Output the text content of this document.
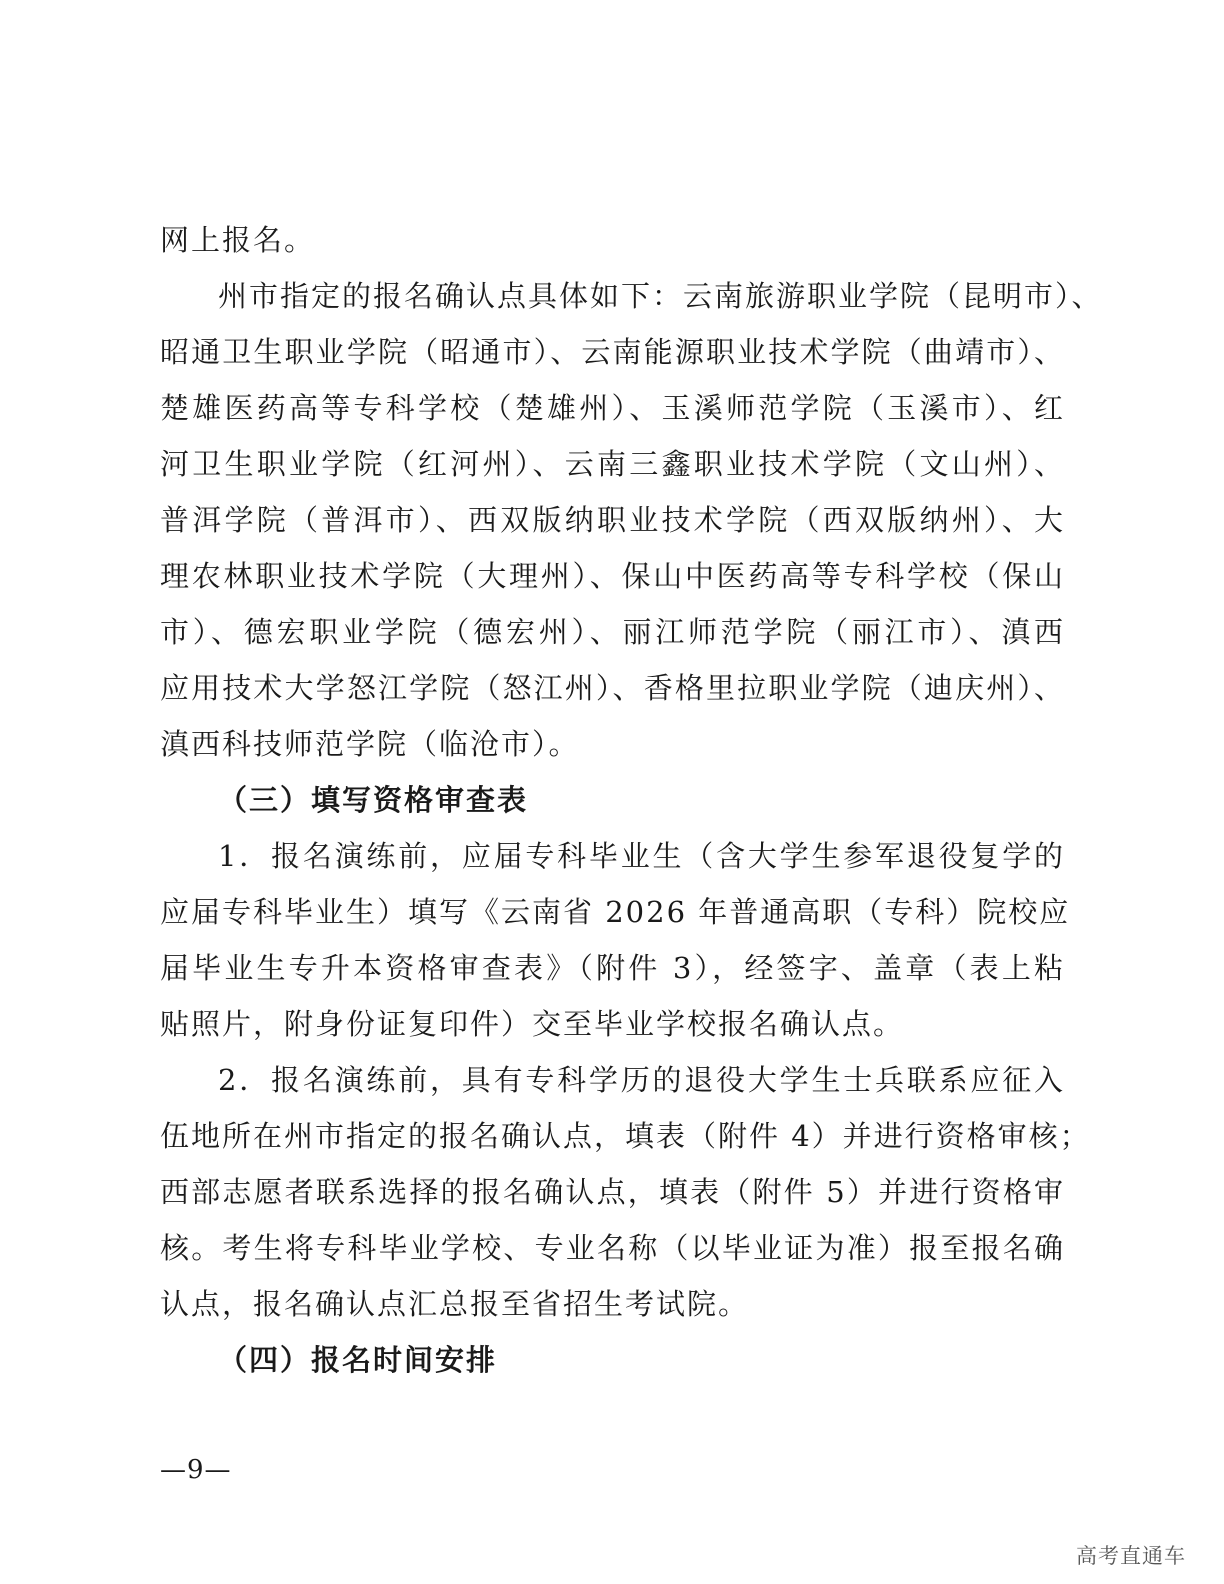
网上报名。
州市指定的报名确认点具体如下：云南旅游职业学院（昆明市）、
昭通卫生职业学院（昭通市）、云南能源职业技术学院（曲靖市）、
楚雄医药高等专科学校（楚雄州）、玉溪师范学院（玉溪市）、红
河卫生职业学院（红河州）、云南三鑫职业技术学院（文山州）、
普洱学院（普洱市）、西双版纳职业技术学院（西双版纳州）、大
理农林职业技术学院（大理州）、保山中医药高等专科学校（保山
市）、德宏职业学院（德宏州）、丽江师范学院（丽江市）、滇西
应用技术大学怒江学院（怒江州）、香格里拉职业学院（迪庆州）、
滇西科技师范学院（临沧市）。
（三）填写资格审查表
1．报名演练前，应届专科毕业生（含大学生参军退役复学的
应届专科毕业生）填写《云南省 2026 年普通高职（专科）院校应
届毕业生专升本资格审查表》（附件 3），经签字、盖章（表上粘
贴照片，附身份证复印件）交至毕业学校报名确认点。
2．报名演练前，具有专科学历的退役大学生士兵联系应征入
伍地所在州市指定的报名确认点，填表（附件 4）并进行资格审核；
西部志愿者联系选择的报名确认点，填表（附件 5）并进行资格审
核。考生将专科毕业学校、专业名称（以毕业证为准）报至报名确
认点，报名确认点汇总报至省招生考试院。
（四）报名时间安排
—9—
高考直通车
